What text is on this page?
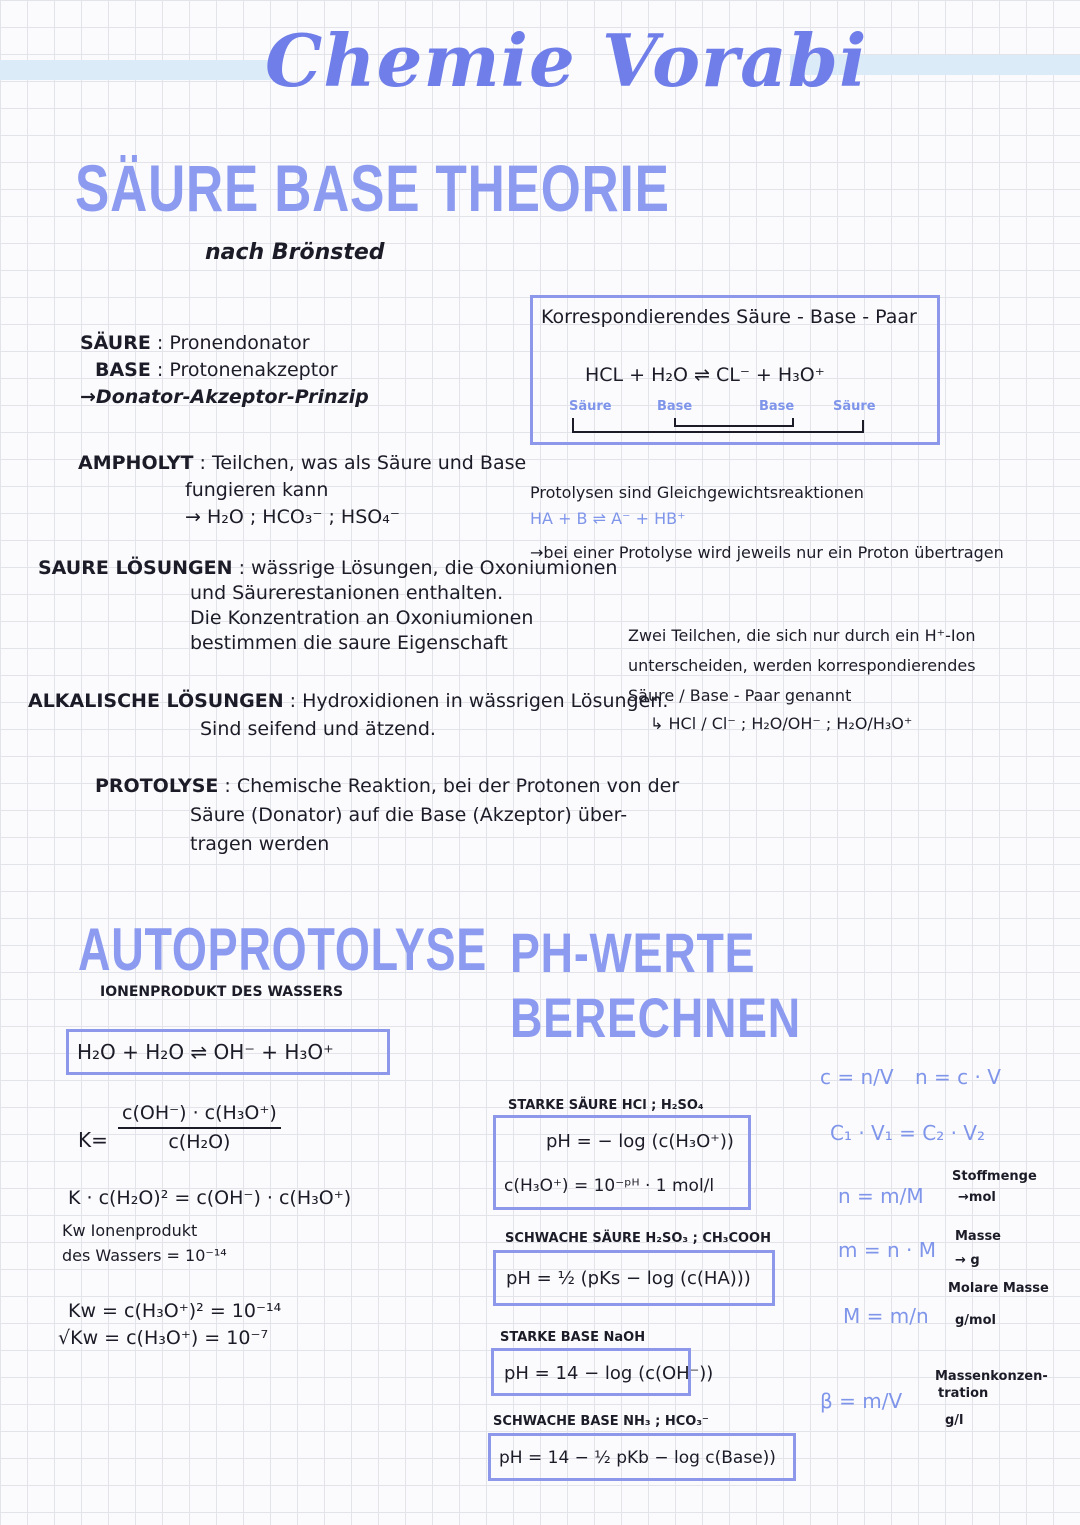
Chemie Vorabi
SÄURE BASE THEORIE
nach Brönsted
SÄURE : Pronendonator
BASE : Protonenakzeptor
→Donator-Akzeptor-Prinzip
Korrespondierendes Säure - Base - Paar
HCL + H₂O ⇌ CL⁻ + H₃O⁺
Säure	Base	Base	Säure
AMPHOLYT : Teilchen, was als Säure und Base
fungieren kann
→ H₂O ; HCO₃⁻ ; HSO₄⁻
Protolysen sind Gleichgewichtsreaktionen
HA + B ⇌ A⁻ + HB⁺
→bei einer Protolyse wird jeweils nur ein Proton übertragen
SAURE LÖSUNGEN : wässrige Lösungen, die Oxoniumionen
und Säurerestanionen enthalten.
Die Konzentration an Oxoniumionen
bestimmen die saure Eigenschaft	Zwei Teilchen, die sich nur durch ein H⁺-Ion
unterscheiden, werden korrespondierendes
Säure / Base - Paar genannt
↳ HCl / Cl⁻ ; H₂O/OH⁻ ; H₂O/H₃O⁺
ALKALISCHE LÖSUNGEN : Hydroxidionen in wässrigen Lösungen.
Sind seifend und ätzend.
PROTOLYSE : Chemische Reaktion, bei der Protonen von der
Säure (Donator) auf die Base (Akzeptor) über-
tragen werden
AUTOPROTOLYSE
IONENPRODUKT DES WASSERS
H₂O + H₂O ⇌ OH⁻ + H₃O⁺
$K= \frac{\text{c(OH⁻) · c(H₃O⁺)}}{\text{c(H₂O)}}$
K · c(H₂O)² = c(OH⁻) · c(H₃O⁺)
Kw Ionenprodukt
des Wassers = 10⁻¹⁴
Kw = c(H₃O⁺)² = 10⁻¹⁴
√Kw = c(H₃O⁺) = 10⁻⁷
PH-WERTE BERECHNEN
STARKE SÄURE HCl ; H₂SO₄
pH = − log (c(H₃O⁺))
c(H₃O⁺) = 10⁻ᵖᴴ · 1 mol/l
SCHWACHE SÄURE H₂SO₃ ; CH₃COOH
pH = ½ (pKs − log (c(HA)))
STARKE BASE NaOH
pH = 14 − log (c(OH⁻))
SCHWACHE BASE NH₃ ; HCO₃⁻
pH = 14 − ½ pKb − log c(Base))
c = n/V n = c · V
C₁ · V₁ = C₂ · V₂
n = m/M
Stoffmenge
→mol
m = n · M
Masse
→ g
M = m/n
Molare Masse
g/mol
β = m/V
Massenkonzen-
tration
g/l
